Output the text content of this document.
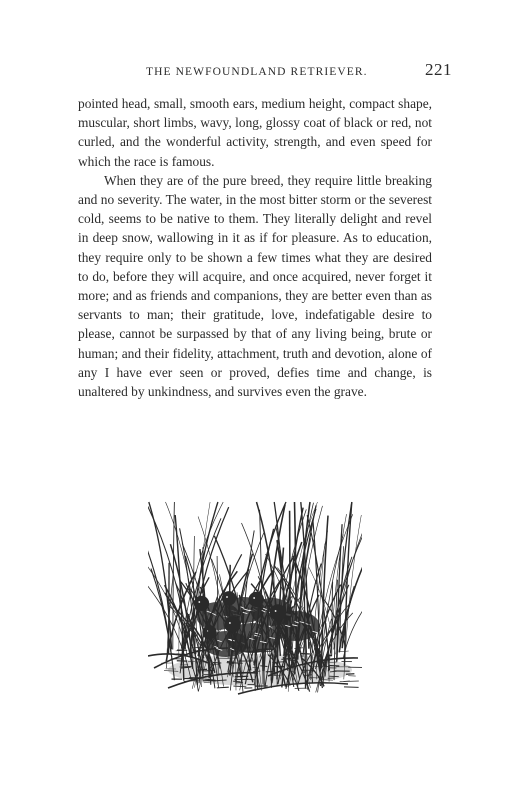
THE NEWFOUNDLAND RETRIEVER.	221

pointed head, small, smooth ears, medium height, compact shape, muscular, short limbs, wavy, long, glossy coat of black or red, not curled, and the wonderful activity, strength, and even speed for which the race is famous.

When they are of the pure breed, they require little breaking and no severity. The water, in the most bitter storm or the severest cold, seems to be native to them. They literally delight and revel in deep snow, wallowing in it as if for pleasure. As to education, they require only to be shown a few times what they are desired to do, before they will acquire, and once acquired, never forget it more; and as friends and companions, they are better even than as servants to man; their gratitude, love, indefatigable desire to please, cannot be surpassed by that of any living being, brute or human; and their fidelity, attachment, truth and devotion, alone of any I have ever seen or proved, defies time and change, is unaltered by unkindness, and survives even the grave.
